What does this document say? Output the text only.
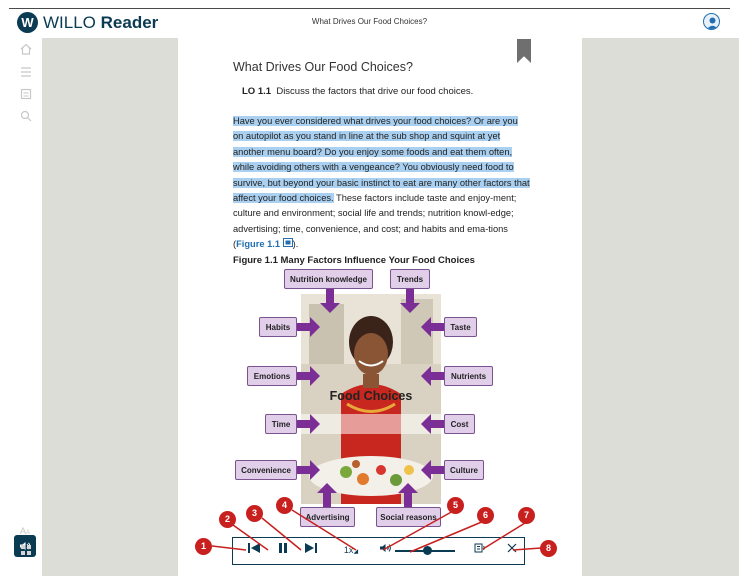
W WILLO Reader	What Drives Our Food Choices?
A A
What Drives Our Food Choices?
LO 1.1 Discuss the factors that drive our food choices.
Have you ever considered what drives your food choices? Or are you on autopilot as you stand in line at the sub shop and squint at yet another menu board? Do you enjoy some foods and eat them often, while avoiding others with a vengeance? You obviously need food to survive, but beyond your basic instinct to eat are many other factors that affect your food choices. These factors include taste and enjoy-ment; culture and environment; social life and trends; nutrition knowl-edge; advertising; time, convenience, and cost; and habits and ema-tions (Figure 1.1 ).
Figure 1.1 Many Factors Influence Your Food Choices
Food Choices
Nutrition knowledge	Trends
Habits	Taste
Emotions	Nutrients
Time	Cost
Convenience	Culture
Advertising	Social reasons
1x◢
1
2
3
4	5
6	7
8
